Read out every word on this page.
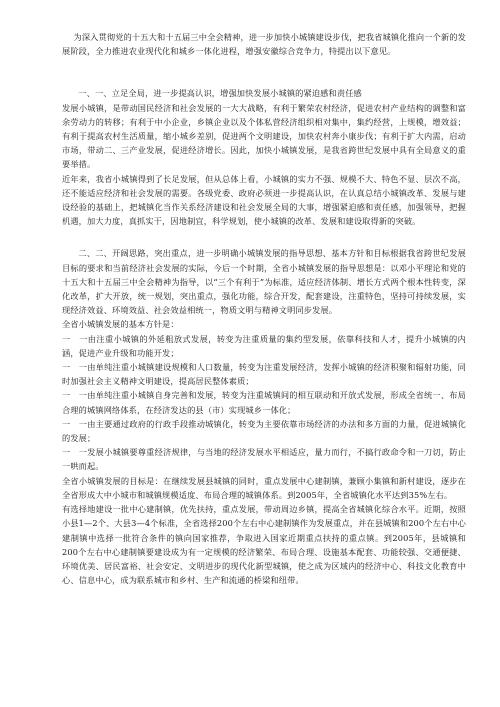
为深入贯彻党的十五大和十五届三中全会精神，进一步加快小城镇建设步伐，把我省城镇化推向一个新的发展阶段，全力推进农业现代化和城乡一体化进程，增强安徽综合竞争力，特提出以下意见。

一、一、立足全局，进一步提高认识，增强加快发展小城镇的紧迫感和责任感

发展小城镇，是带动国民经济和社会发展的一大大战略，有利于繁荣农村经济，促进农村产业结构的调整和富余劳动力的转移；有利于中小企业，乡镇企业以及个体私营经济组织相对集中，集约经营，上规模，增效益；有利于提高农村生活质量，缩小城乡差别，促进两个文明建设，加快农村奔小康步伐；有利于扩大内需，启动市场，带动二、三产业发展，促进经济增长。因此，加快小城镇发展，是我省跨世纪发展中具有全局意义的重要举措。

近年来，我省小城镇得到了长足发展，但从总体上看，小城镇的实力不强、规模不大、特色不显、层次不高，还不能适应经济和社会发展的需要。各级党委、政府必须进一步提高认识，在认真总结小城镇改革、发展与建设经验的基础上，把城镇化当作关系经济建设和社会发展全局的大事，增强紧迫感和责任感，加强领导，把握机遇，加大力度，真抓实干，因地制宜，科学规划，使小城镇的改革、发展和建设取得新的突破。

二、二、开阔思路，突出重点，进一步明确小城镇发展的指导思想、基本方针和目标根据我省跨世纪发展目标的要求和当前经济社会发展的实际，今后一个时期，全省小城镇发展的指导思想是：以邓小平理论和党的十五大和十五届三中全会精神为指导，以“三个有利于”为标准，适应经济体制、增长方式两个根本性转变，深化改革，扩大开放，统一规划，突出重点，强化功能，综合开发，配套建设，注重特色，坚持可持续发展，实现经济效益、环境效益、社会效益相统一，物质文明与精神文明同步发展。

全省小城镇发展的基本方针是：

一　一由注重小城镇的外延粗放式发展，转变为注重质量的集约型发展，依靠科技和人才，提升小城镇的内涵，促进产业升级和功能开发；

一　一由单纯注重小城镇建设规模和人口数量，转变为注重发展经济，发挥小城镇的经济积聚和辐射功能，同时加强社会主义精神文明建设，提高居民整体素质；

一　一由单纯注重小城镇自身完善和发展，转变为注重城镇间的相互联动和开放式发展，形成全省统一、布局合理的城镇网络体系，在经济发达的县（市）实现城乡一体化；

一　一由主要通过政府的行政手段推动城镇化，转变为主要依靠市场经济的办法和多方面的力量，促进城镇化的发展；

一　一发展小城镇要尊重经济规律，与当地的经济发展水平相适应，量力而行，不搞行政命令和一刀切，防止一哄而起。

全省小城镇发展的目标是：在继续发展县城镇的同时，重点发展中心建制镇，兼顾小集镇和新村建设，逐步在全省形成大中小城市和城镇规模适度、布局合理的城镇体系。到2005年，全省城镇化水平达到35%左右。

有选择地建设一批中心建制镇，优先扶持，重点发展，带动周边乡镇，提高全省城镇化综合水平。近期，按照小县1—2个、大县3—4个标准，全省选择200个左右中心建制镇作为发展重点，并在县城镇和200个左右中心建制镇中选择一批符合条件的镇向国家推荐，争取进入国家近期重点扶持的重点镇。到2005年，县城镇和200个左右中心建制镇要建设成为有一定规模的经济繁荣、布局合理、设施基本配套、功能较强、交通便捷、环境优美、居民富裕、社会安定、文明进步的现代化新型城镇，使之成为区域内的经济中心、科技文化教育中心、信息中心，成为联系城市和乡村、生产和流通的桥梁和纽带。
